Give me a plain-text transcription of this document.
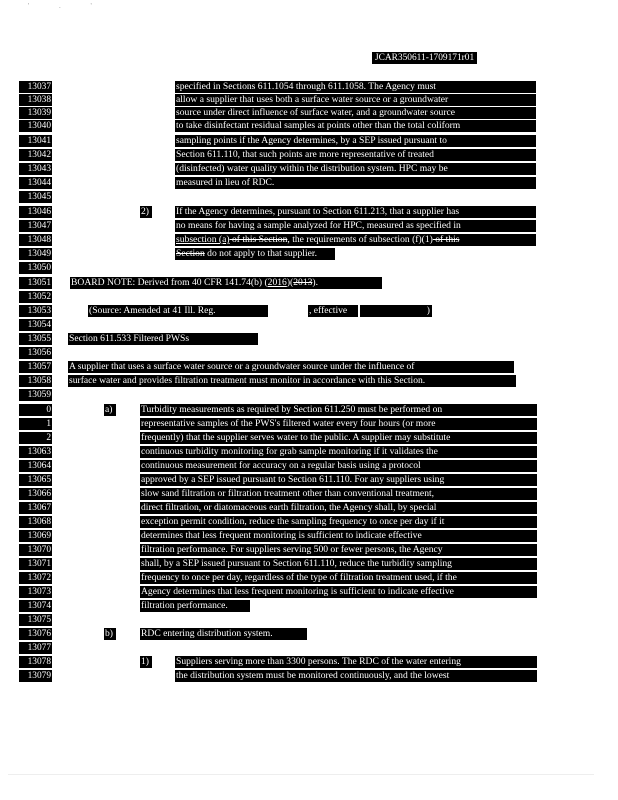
' . '
JCAR350611-1709171r01
13037	specified in Sections 611.1054 through 611.1058. The Agency must
13038	allow a supplier that uses both a surface water source or a groundwater
13039	source under direct influence of surface water, and a groundwater source
13040	to take disinfectant residual samples at points other than the total coliform
13041	sampling points if the Agency determines, by a SEP issued pursuant to
13042	Section 611.110, that such points are more representative of treated
13043	(disinfected) water quality within the distribution system. HPC may be
13044	measured in lieu of RDC.
13045
13046	2)	If the Agency determines, pursuant to Section 611.213, that a supplier has
13047	no means for having a sample analyzed for HPC, measured as specified in
13048	subsection (a) of this Section, the requirements of subsection (f)(1) of this
13049	Section do not apply to that supplier.
13050
13051 BOARD NOTE: Derived from 40 CFR 141.74(b) (2016)(2013).
13052
13053	(Source: Amended at 41 Ill. Reg.	, effective	)
13054
13055 Section 611.533 Filtered PWSs
13056
13057 A supplier that uses a surface water source or a groundwater source under the influence of
13058 surface water and provides filtration treatment must monitor in accordance with this Section.
13059
0	a)	Turbidity measurements as required by Section 611.250 must be performed on
1	representative samples of the PWS's filtered water every four hours (or more
2	frequently) that the supplier serves water to the public. A supplier may substitute
13063	continuous turbidity monitoring for grab sample monitoring if it validates the
13064	continuous measurement for accuracy on a regular basis using a protocol
13065	approved by a SEP issued pursuant to Section 611.110. For any suppliers using
13066	slow sand filtration or filtration treatment other than conventional treatment,
13067	direct filtration, or diatomaceous earth filtration, the Agency shall, by special
13068	exception permit condition, reduce the sampling frequency to once per day if it
13069	determines that less frequent monitoring is sufficient to indicate effective
13070	filtration performance. For suppliers serving 500 or fewer persons, the Agency
13071	shall, by a SEP issued pursuant to Section 611.110, reduce the turbidity sampling
13072	frequency to once per day, regardless of the type of filtration treatment used, if the
13073	Agency determines that less frequent monitoring is sufficient to indicate effective
13074	filtration performance.
13075
13076	b)	RDC entering distribution system.
13077
13078	1)	Suppliers serving more than 3300 persons. The RDC of the water entering
13079	the distribution system must be monitored continuously, and the lowest
